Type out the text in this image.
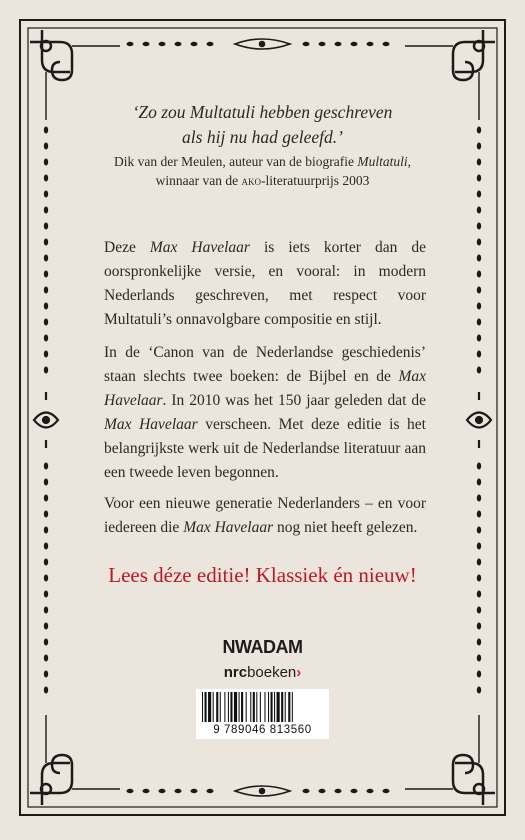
‘Zo zou Multatuli hebben geschreven
als hij nu had geleefd.’
Dik van der Meulen, auteur van de biografie Multatuli,
winnaar van de ako-literatuurprijs 2003
Deze Max Havelaar is iets korter dan de oorspronkelijke versie, en vooral: in modern Nederlands geschreven, met respect voor Multatuli’s onnavolgbare compositie en stijl.
In de ‘Canon van de Nederlandse geschiedenis’ staan slechts twee boeken: de Bijbel en de Max Havelaar. In 2010 was het 150 jaar geleden dat de Max Havelaar verscheen. Met deze editie is het belangrijkste werk uit de Nederlandse literatuur aan een tweede leven begonnen.
Voor een nieuwe generatie Nederlanders – en voor iedereen die Max Havelaar nog niet heeft gelezen.
Lees déze editie! Klassiek én nieuw!
NWADAM
nrcboeken›
9 789046 813560
